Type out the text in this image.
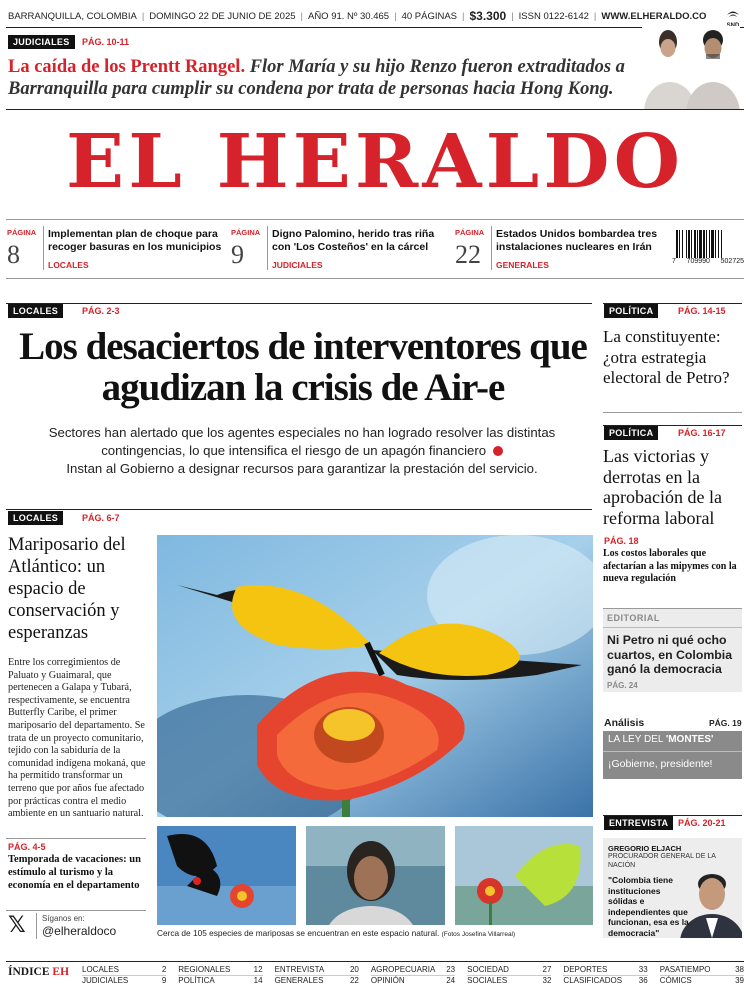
BARRANQUILLA, COLOMBIA | DOMINGO 22 DE JUNIO DE 2025 | AÑO 91. Nº 30.465 | 40 PÁGINAS | $3.300 | ISSN 0122-6142 | WWW.ELHERALDO.CO
JUDICIALES	PÁG. 10-11
La caída de los Prentt Rangel. Flor María y su hijo Renzo fueron extraditados a Barranquilla para cumplir su condena por trata de personas hacia Hong Kong.
EL HERALDO
PÁGINA
8
Implementan plan de choque para recoger basuras en los municipios
LOCALES
PÁGINA
9
Digno Palomino, herido tras riña con 'Los Costeños' en la cárcel
JUDICIALES
PÁGINA
22
Estados Unidos bombardea tres instalaciones nucleares en Irán
GENERALES	7 709990 502725
LOCALES	PÁG. 2-3
Los desaciertos de interventores que agudizan la crisis de Air-e
Sectores han alertado que los agentes especiales no han logrado resolver las distintas contingencias, lo que intensifica el riesgo de un apagón financiero
Instan al Gobierno a designar recursos para garantizar la prestación del servicio.
LOCALES	PÁG. 6-7
Mariposario del Atlántico: un espacio de conservación y esperanzas
Entre los corregimientos de Paluato y Guaimaral, que pertenecen a Galapa y Tubará, respectivamente, se encuentra Butterfly Caribe, el primer mariposario del departamento. Se trata de un proyecto comunitario, tejido con la sabiduría de la comunidad indígena mokaná, que ha permitido transformar un terreno que por años fue afectado por prácticas contra el medio ambiente en un santuario natural.
Cerca de 105 especies de mariposas se encuentran en este espacio natural. (Fotos Josefina Villarreal)
PÁG. 4-5
Temporada de vacaciones: un estímulo al turismo y la economía en el departamento
𝕏	Síganos en:
@elheraldoco
POLÍTICA	PÁG. 14-15
La constituyente: ¿otra estrategia electoral de Petro?
POLÍTICA	PÁG. 16-17
Las victorias y derrotas en la aprobación de la reforma laboral
PÁG. 18
Los costos laborales que afectarían a las mipymes con la nueva regulación
EDITORIAL
Ni Petro ni qué ocho cuartos, en Colombia ganó la democracia
PÁG. 24
Análisis	PÁG. 19
LA LEY DEL 'MONTES'
¡Gobierne, presidente!
ENTREVISTA	PÁG. 20-21
GREGORIO ELJACH
PROCURADOR GENERAL DE LA NACIÓN
"Colombia tiene instituciones sólidas e independientes que funcionan, esa es la democracia"
ÍNDICE EH LOCALES	2
JUDICIALES	9
REGIONALES	12
POLÍTICA	14
ENTREVISTA	20
GENERALES	22
AGROPECUARIA 23
OPINIÓN	24
SOCIEDAD	27
SOCIALES	32
DEPORTES	33
CLASIFICADOS 36
PASATIEMPO	38
CÓMICS	39
